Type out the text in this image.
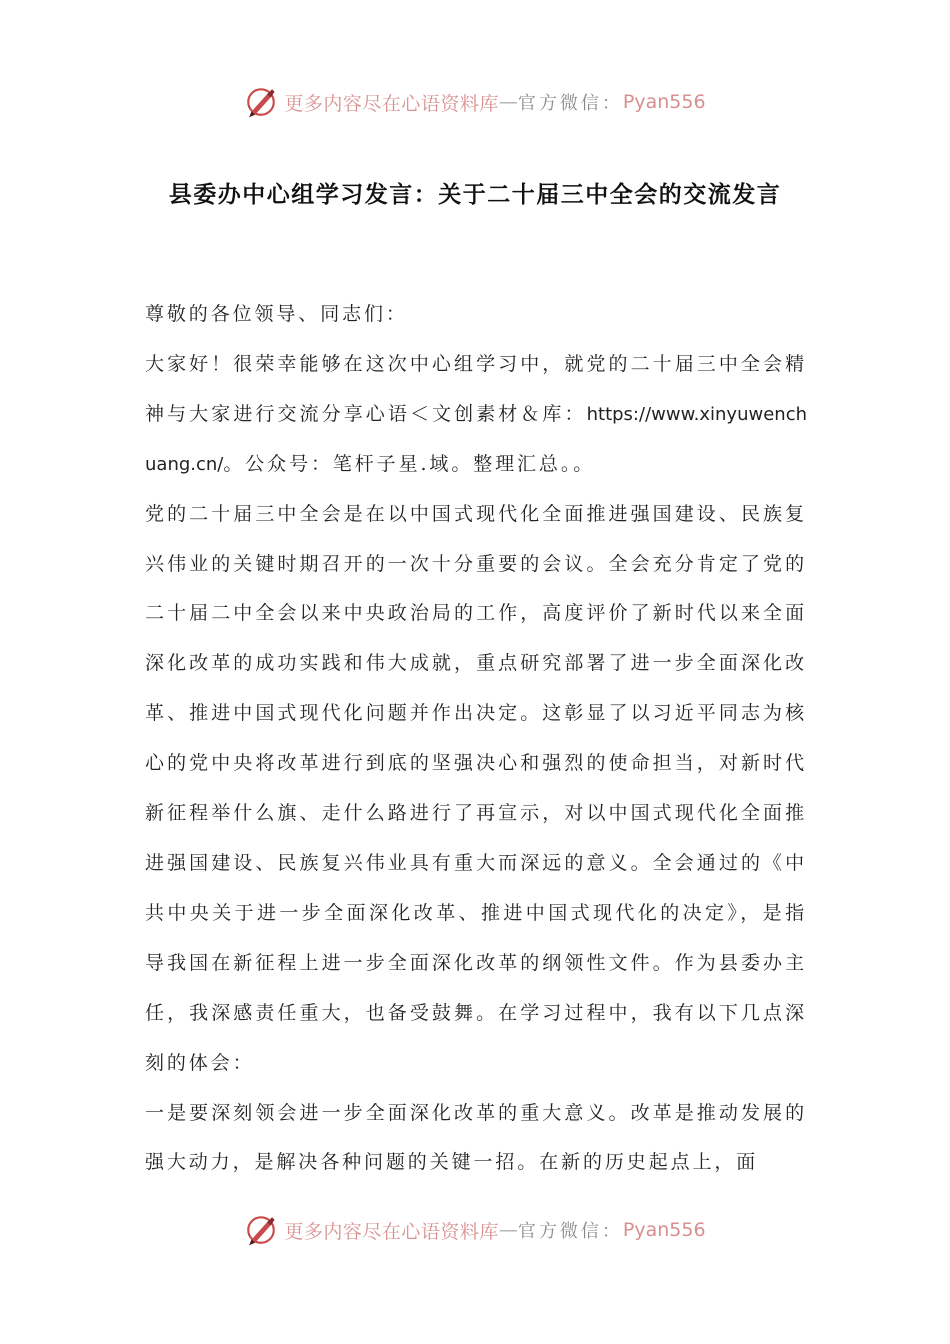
更多内容尽在心语资料库 — 官方微信： Pyan556
县委办中心组学习发言：关于二十届三中全会的交流发言

尊敬的各位领导、同志们：

大家好！很荣幸能够在这次中心组学习中，就党的二十届三中全会精神与大家进行交流分享心语＜文创素材＆库：https://www.xinyuwenchuang.cn/。公众号：笔杆子星.域。整理汇总。。

党的二十届三中全会是在以中国式现代化全面推进强国建设、民族复兴伟业的关键时期召开的一次十分重要的会议。全会充分肯定了党的二十届二中全会以来中央政治局的工作，高度评价了新时代以来全面深化改革的成功实践和伟大成就，重点研究部署了进一步全面深化改革、推进中国式现代化问题并作出决定。这彰显了以习近平同志为核心的党中央将改革进行到底的坚强决心和强烈的使命担当，对新时代新征程举什么旗、走什么路进行了再宣示，对以中国式现代化全面推进强国建设、民族复兴伟业具有重大而深远的意义。全会通过的《中共中央关于进一步全面深化改革、推进中国式现代化的决定》，是指导我国在新征程上进一步全面深化改革的纲领性文件。作为县委办主任，我深感责任重大，也备受鼓舞。在学习过程中，我有以下几点深刻的体会：

一是要深刻领会进一步全面深化改革的重大意义。改革是推动发展的强大动力，是解决各种问题的关键一招。在新的历史起点上，面

更多内容尽在心语资料库 — 官方微信： Pyan556
